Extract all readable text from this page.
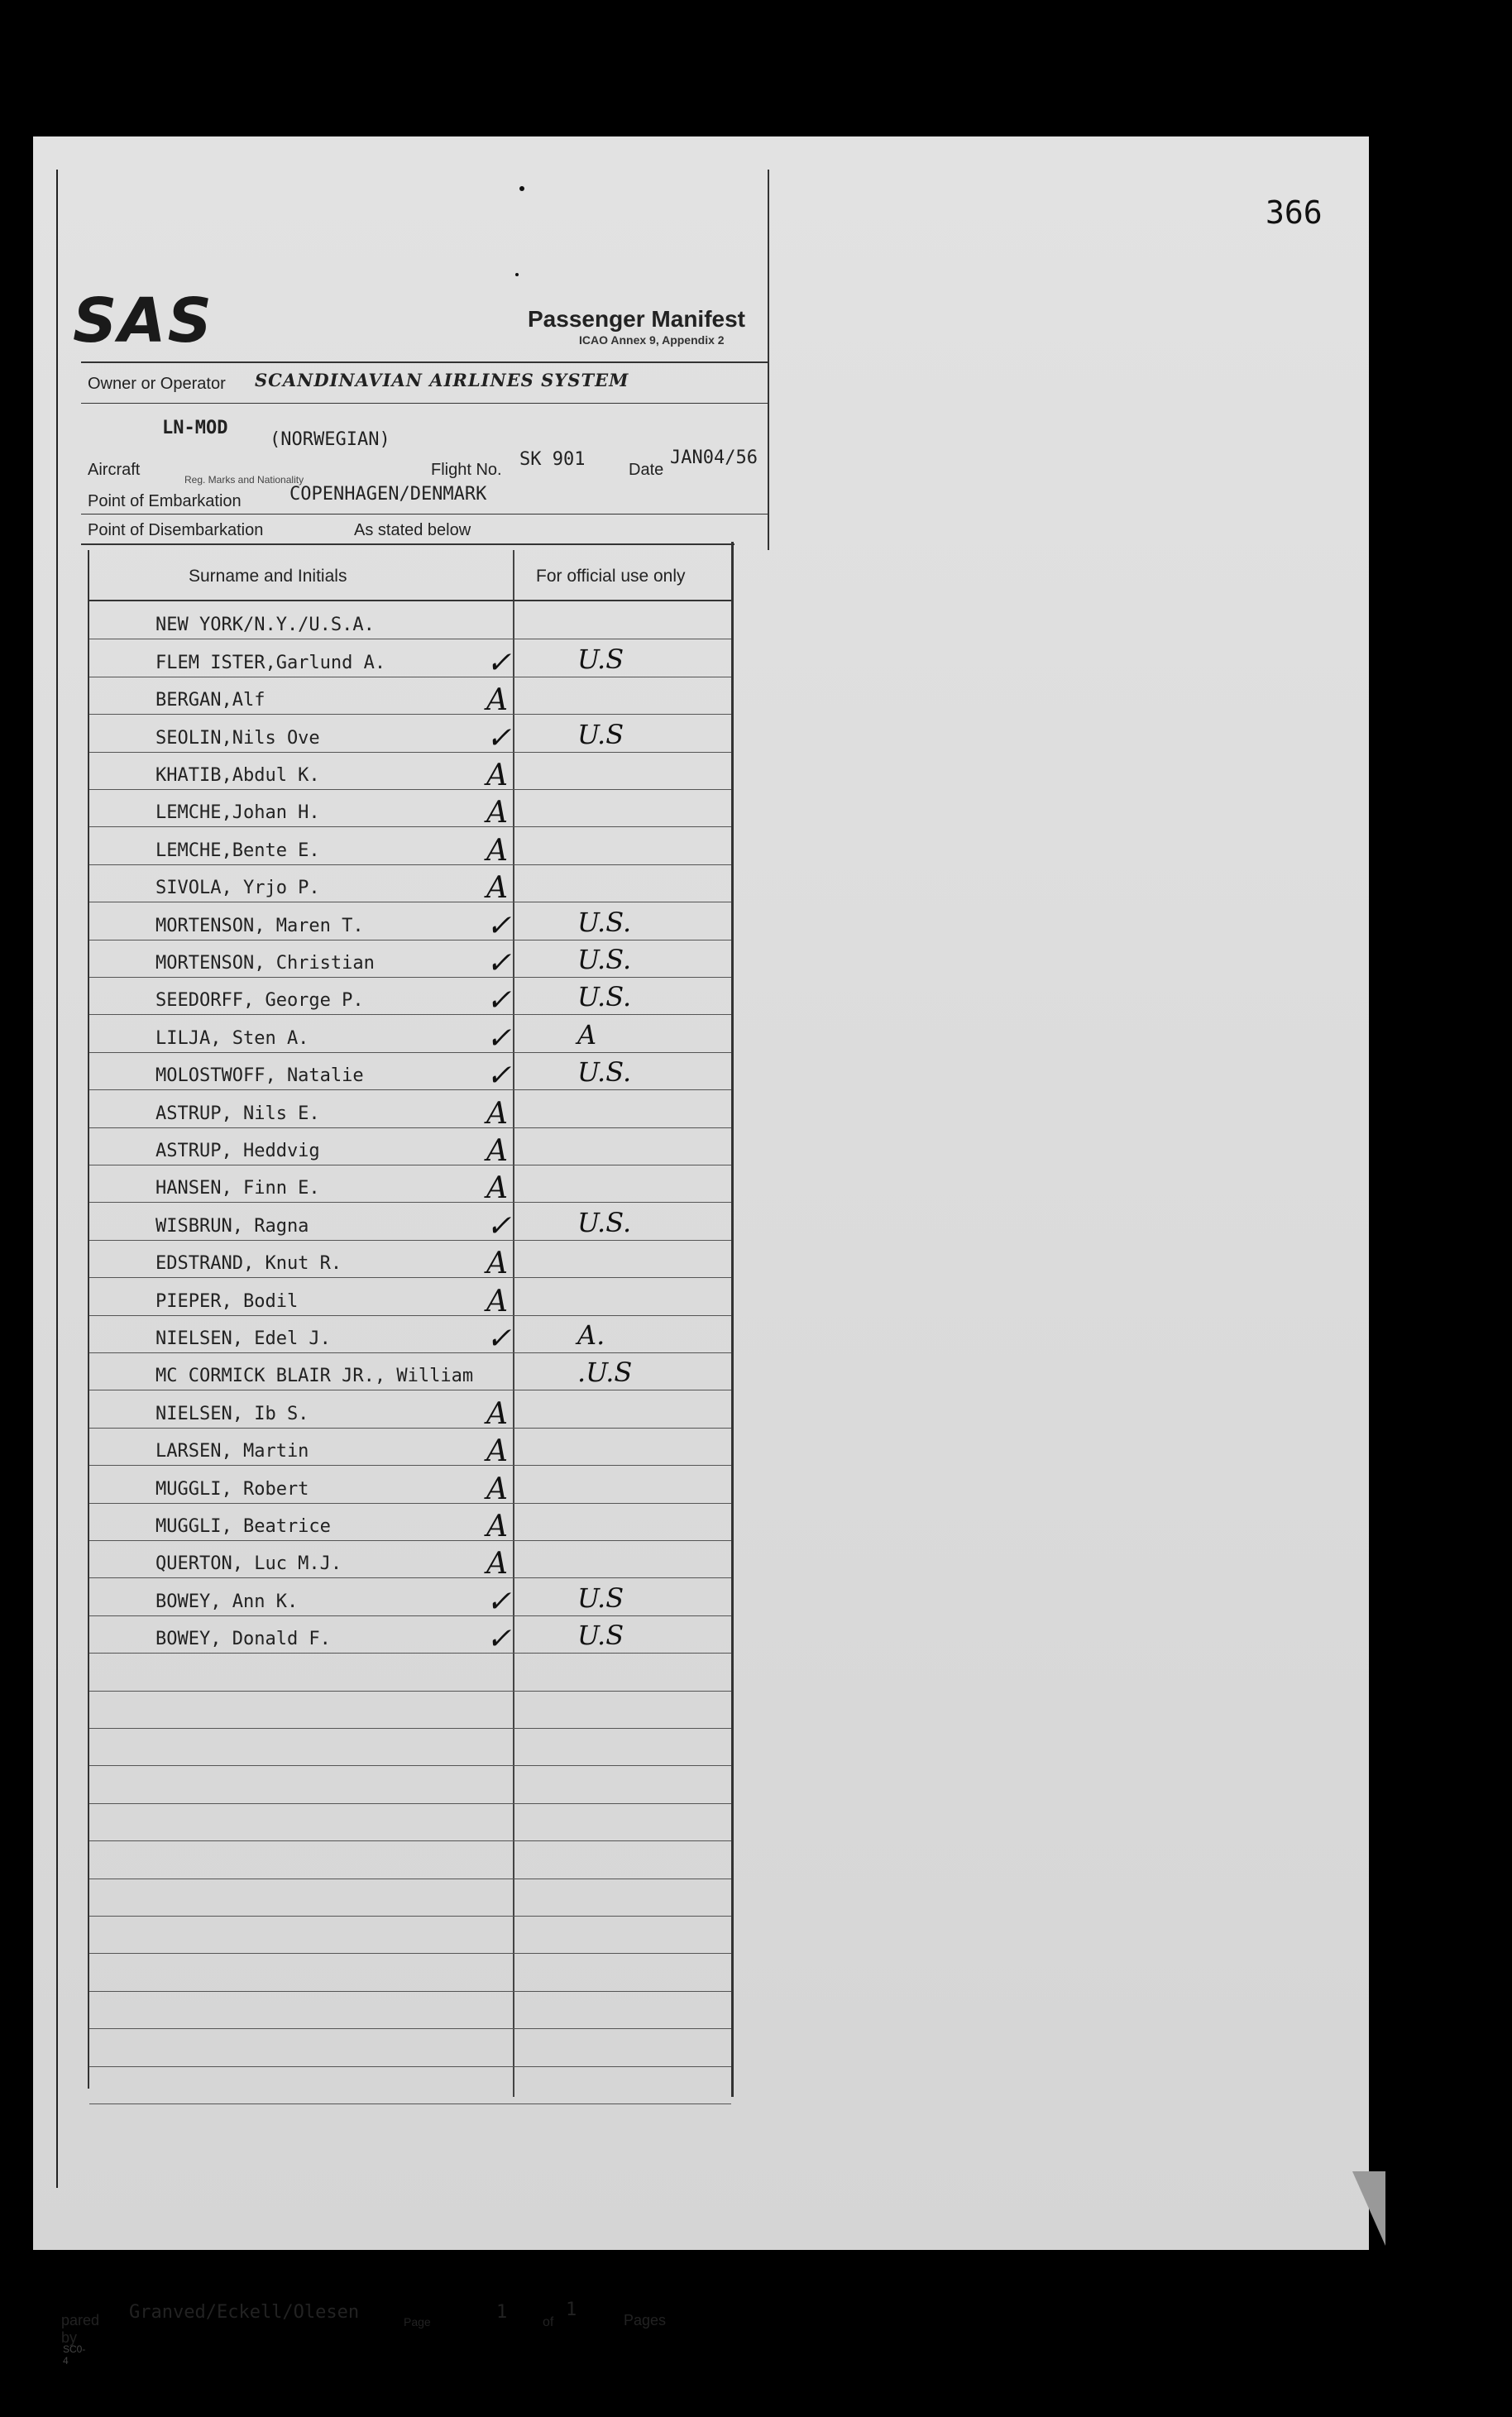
366
SAS	Passenger Manifest
ICAO Annex 9, Appendix 2
Owner or Operator SCANDINAVIAN AIRLINES SYSTEM
LN-MOD
(NORWEGIAN)
Aircraft
Reg. Marks and Nationality
Flight No. SK 901	Date
JAN04/56
Point of Embarkation	COPENHAGEN/DENMARK
Point of Disembarkation	As stated below
Surname and Initials	For official use only
NEW YORK/N.Y./U.S.A.
FLEM ISTER,Garlund A.	✓ U.S
BERGAN,Alf	A
SEOLIN,Nils Ove	✓ U.S
KHATIB,Abdul K.	A
LEMCHE,Johan H.	A
LEMCHE,Bente E.	A
SIVOLA, Yrjo P.	A
MORTENSON, Maren T.	✓ U.S.
MORTENSON, Christian	✓ U.S.
SEEDORFF, George P.	✓ U.S.
LILJA, Sten A.	✓ A
MOLOSTWOFF, Natalie	✓ U.S.
ASTRUP, Nils E.	A
ASTRUP, Heddvig	A
HANSEN, Finn E.	A
WISBRUN, Ragna	✓ U.S.
EDSTRAND, Knut R.	A
PIEPER, Bodil	A
NIELSEN, Edel J.	✓ A.
MC CORMICK BLAIR JR., William	.U.S
NIELSEN, Ib S.	A
LARSEN, Martin	A
MUGGLI, Robert	A
MUGGLI, Beatrice	A
QUERTON, Luc M.J.	A
BOWEY, Ann K.	✓ U.S
BOWEY, Donald F.	✓ U.S
pared by
Granved/Eckell/Olesen	Page	1	of
1	Pages
SC0-4
